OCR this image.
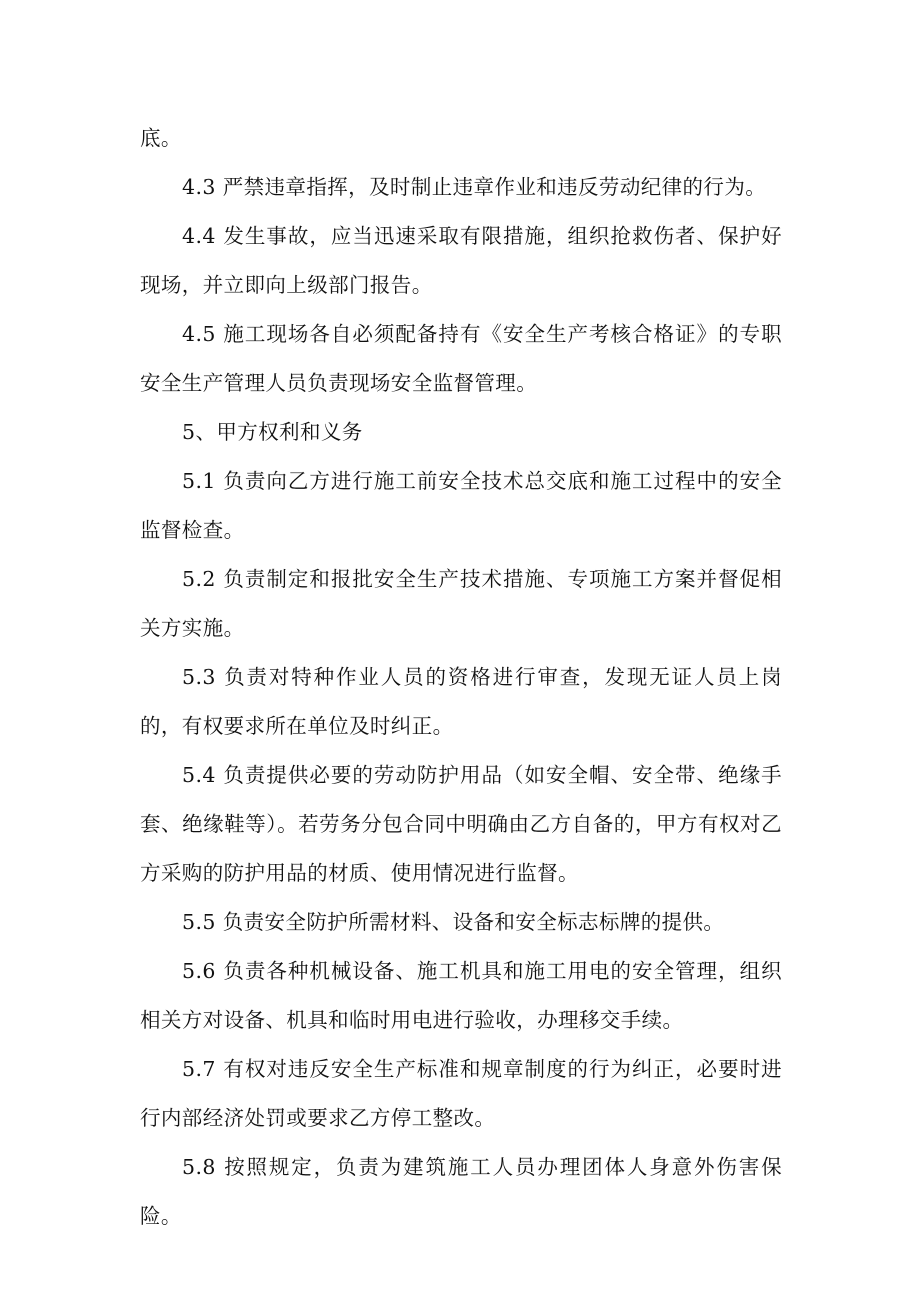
底。

4.3 严禁违章指挥，及时制止违章作业和违反劳动纪律的行为。

4.4 发生事故，应当迅速采取有限措施，组织抢救伤者、保护好现场，并立即向上级部门报告。

4.5 施工现场各自必须配备持有《安全生产考核合格证》的专职安全生产管理人员负责现场安全监督管理。

5、甲方权利和义务

5.1 负责向乙方进行施工前安全技术总交底和施工过程中的安全监督检查。

5.2 负责制定和报批安全生产技术措施、专项施工方案并督促相关方实施。

5.3 负责对特种作业人员的资格进行审查，发现无证人员上岗的，有权要求所在单位及时纠正。

5.4 负责提供必要的劳动防护用品（如安全帽、安全带、绝缘手套、绝缘鞋等）。若劳务分包合同中明确由乙方自备的，甲方有权对乙方采购的防护用品的材质、使用情况进行监督。

5.5 负责安全防护所需材料、设备和安全标志标牌的提供。

5.6 负责各种机械设备、施工机具和施工用电的安全管理，组织相关方对设备、机具和临时用电进行验收，办理移交手续。

5.7 有权对违反安全生产标准和规章制度的行为纠正，必要时进行内部经济处罚或要求乙方停工整改。

5.8 按照规定，负责为建筑施工人员办理团体人身意外伤害保险。
